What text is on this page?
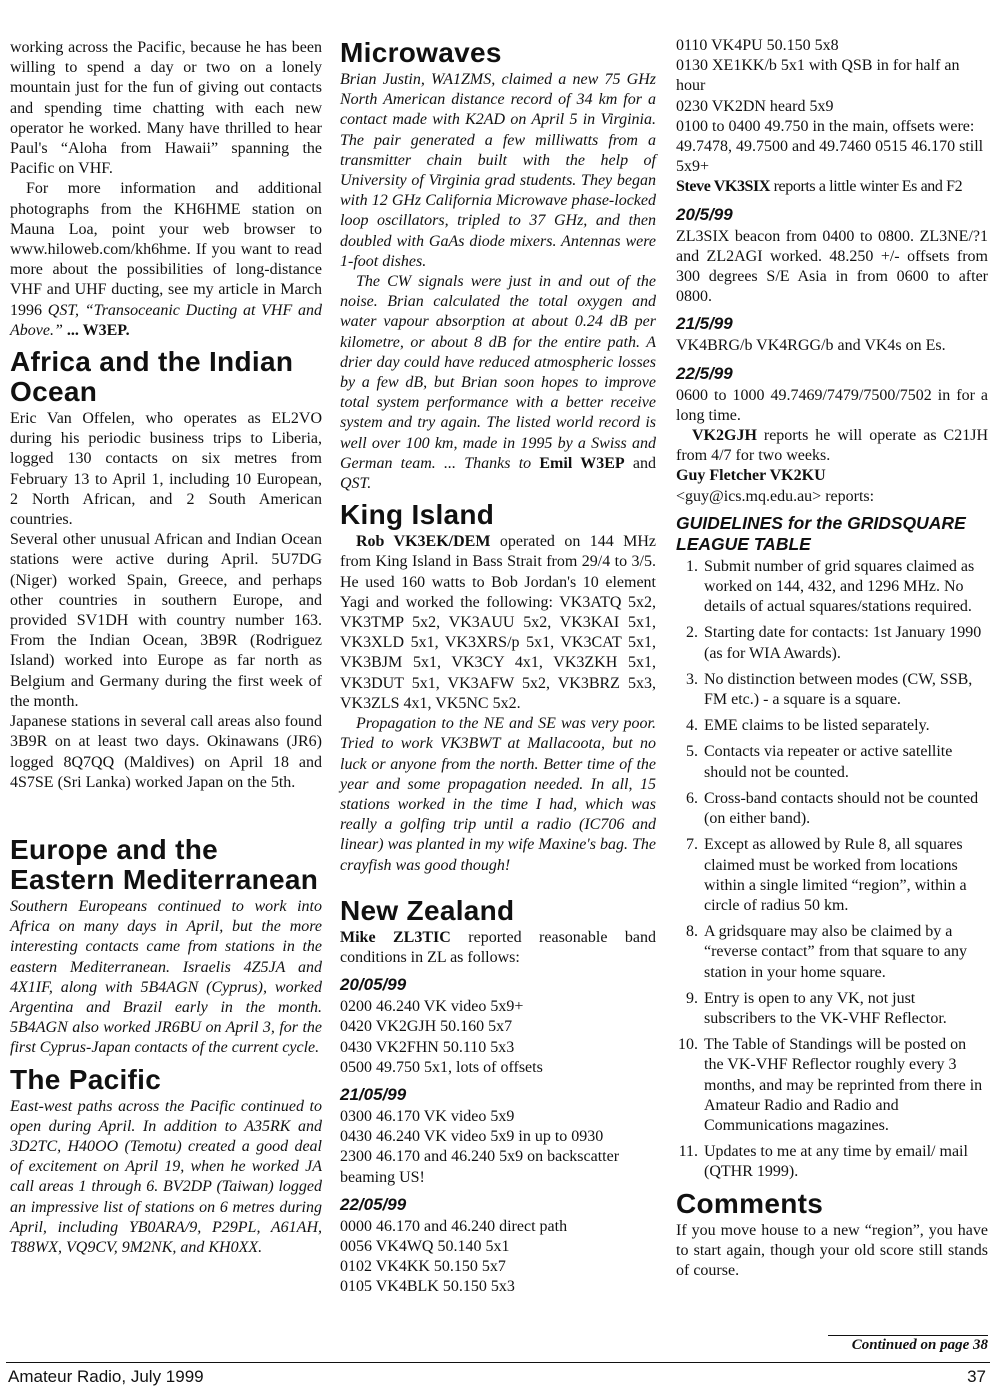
working across the Pacific, because he has been willing to spend a day or two on a lonely mountain just for the fun of giving out contacts and spending time chatting with each new operator he worked. Many have thrilled to hear Paul's “Aloha from Hawaii” spanning the Pacific on VHF.

For more information and additional photographs from the KH6HME station on Mauna Loa, point your web browser to www.hiloweb.com/kh6hme. If you want to read more about the possibilities of long-distance VHF and UHF ducting, see my article in March 1996 QST, “Transoceanic Ducting at VHF and Above.” ... W3EP.

Africa and the Indian Ocean

Eric Van Offelen, who operates as EL2VO during his periodic business trips to Liberia, logged 130 contacts on six metres from February 13 to April 1, including 10 European, 2 North African, and 2 South American countries.

Several other unusual African and Indian Ocean stations were active during April. 5U7DG (Niger) worked Spain, Greece, and perhaps other countries in southern Europe, and provided SV1DH with country number 163. From the Indian Ocean, 3B9R (Rodriguez Island) worked into Europe as far north as Belgium and Germany during the first week of the month.

Japanese stations in several call areas also found 3B9R on at least two days. Okinawans (JR6) logged 8Q7QQ (Maldives) on April 18 and 4S7SE (Sri Lanka) worked Japan on the 5th.

Europe and the Eastern Mediterranean

Southern Europeans continued to work into Africa on many days in April, but the more interesting contacts came from stations in the eastern Mediterranean. Israelis 4Z5JA and 4X1IF, along with 5B4AGN (Cyprus), worked Argentina and Brazil early in the month. 5B4AGN also worked JR6BU on April 3, for the first Cyprus-Japan contacts of the current cycle.

The Pacific

East-west paths across the Pacific continued to open during April. In addition to A35RK and 3D2TC, H40OO (Temotu) created a good deal of excitement on April 19, when he worked JA call areas 1 through 6. BV2DP (Taiwan) logged an impressive list of stations on 6 metres during April, including YB0ARA/9, P29PL, A61AH, T88WX, VQ9CV, 9M2NK, and KH0XX.

Microwaves

Brian Justin, WA1ZMS, claimed a new 75 GHz North American distance record of 34 km for a contact made with K2AD on April 5 in Virginia. The pair generated a few milliwatts from a transmitter chain built with the help of University of Virginia grad students. They began with 12 GHz California Microwave phase-locked loop oscillators, tripled to 37 GHz, and then doubled with GaAs diode mixers. Antennas were 1-foot dishes.

The CW signals were just in and out of the noise. Brian calculated the total oxygen and water vapour absorption at about 0.24 dB per kilometre, or about 8 dB for the entire path. A drier day could have reduced atmospheric losses by a few dB, but Brian soon hopes to improve total system performance with a better receive system and try again. The listed world record is well over 100 km, made in 1995 by a Swiss and German team. ... Thanks to Emil W3EP and QST.

King Island

Rob VK3EK/DEM operated on 144 MHz from King Island in Bass Strait from 29/4 to 3/5. He used 160 watts to Bob Jordan's 10 element Yagi and worked the following: VK3ATQ 5x2, VK3TMP 5x2, VK3AUU 5x2, VK3KAI 5x1, VK3XLD 5x1, VK3XRS/p 5x1, VK3CAT 5x1, VK3BJM 5x1, VK3CY 4x1, VK3ZKH 5x1, VK3DUT 5x1, VK3AFW 5x2, VK3BRZ 5x3, VK3ZLS 4x1, VK5NC 5x2.

Propagation to the NE and SE was very poor. Tried to work VK3BWT at Mallacoota, but no luck or anyone from the north. Better time of the year and some propagation needed. In all, 15 stations worked in the time I had, which was really a golfing trip until a radio (IC706 and linear) was planted in my wife Maxine's bag. The crayfish was good though!

New Zealand

Mike ZL3TIC reported reasonable band conditions in ZL as follows:

20/05/99
0200 46.240 VK video 5x9+
0420 VK2GJH 50.160 5x7
0430 VK2FHN 50.110 5x3
0500 49.750 5x1, lots of offsets
21/05/99
0300 46.170 VK video 5x9
0430 46.240 VK video 5x9 in up to 0930
2300 46.170 and 46.240 5x9 on backscatter beaming US!
22/05/99
0000 46.170 and 46.240 direct path
0056 VK4WQ 50.140 5x1
0102 VK4KK 50.150 5x7
0105 VK4BLK 50.150 5x3
0110 VK4PU 50.150 5x8
0130 XE1KK/b 5x1 with QSB in for half an hour
0230 VK2DN heard 5x9
0100 to 0400 49.750 in the main, offsets were: 49.7478, 49.7500 and 49.7460 0515 46.170 still 5x9+

Steve VK3SIX reports a little winter Es and F2

20/5/99

ZL3SIX beacon from 0400 to 0800. ZL3NE/?1 and ZL2AGI worked. 48.250 +/- offsets from 300 degrees S/E Asia in from 0600 to after 0800.

21/5/99

VK4BRG/b VK4RGG/b and VK4s on Es.

22/5/99

0600 to 1000 49.7469/7479/7500/7502 in for a long time.

VK2GJH reports he will operate as C21JH from 4/7 for two weeks.

Guy Fletcher VK2KU

<guy@ics.mq.edu.au> reports:

GUIDELINES for the GRIDSQUARE LEAGUE TABLE
1. Submit number of grid squares claimed as worked on 144, 432, and 1296 MHz. No details of actual squares/stations required.
2. Starting date for contacts: 1st January 1990 (as for WIA Awards).
3. No distinction between modes (CW, SSB, FM etc.) - a square is a square.
4. EME claims to be listed separately.
5. Contacts via repeater or active satellite should not be counted.
6. Cross-band contacts should not be counted (on either band).
7. Except as allowed by Rule 8, all squares claimed must be worked from locations within a single limited “region”, within a circle of radius 50 km.
8. A gridsquare may also be claimed by a “reverse contact” from that square to any station in your home square.
9. Entry is open to any VK, not just subscribers to the VK-VHF Reflector.
10. The Table of Standings will be posted on the VK-VHF Reflector roughly every 3 months, and may be reprinted from there in Amateur Radio and Radio and Communications magazines.
11. Updates to me at any time by email/ mail (QTHR 1999).
Comments

If you move house to a new “region”, you have to start again, though your old score still stands of course.

Continued on page 38
Amateur Radio, July 1999	37
